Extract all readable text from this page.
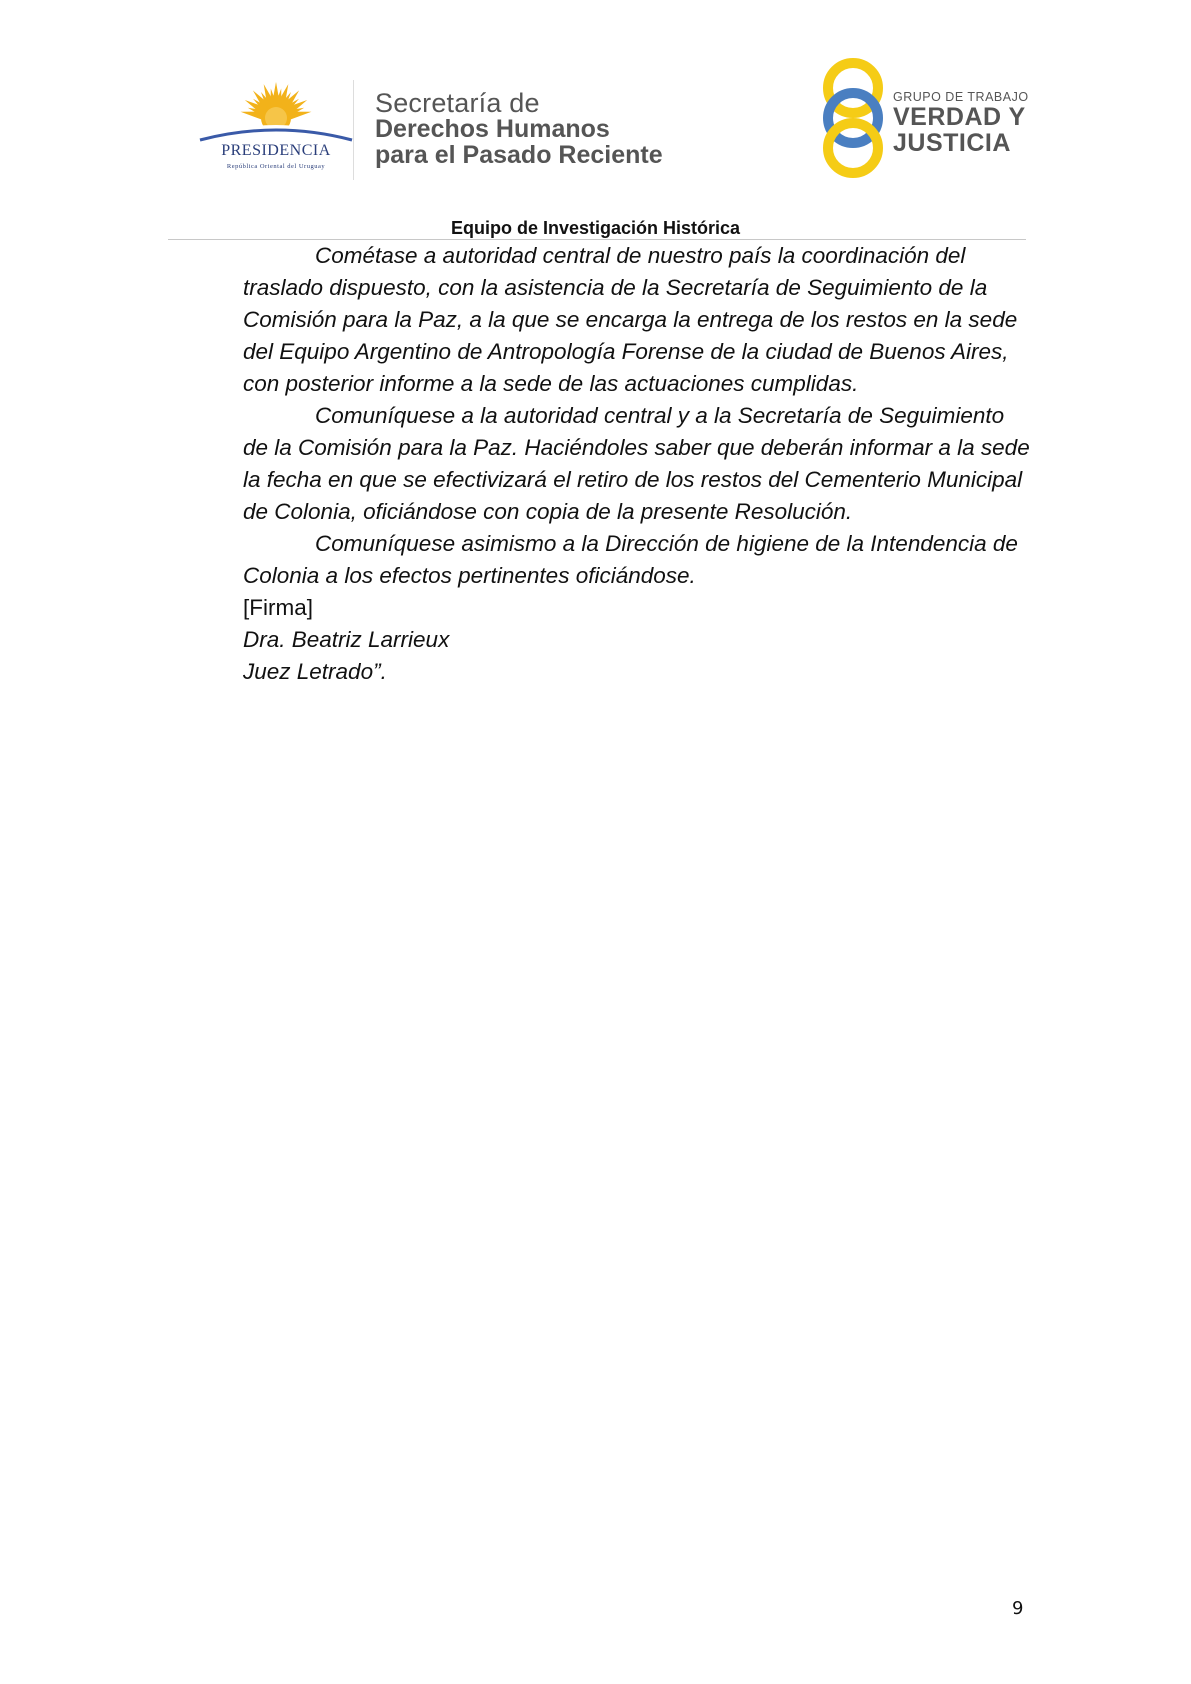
PRESIDENCIA
República Oriental del Uruguay
Secretaría de
Derechos Humanos
para el Pasado Reciente
GRUPO DE TRABAJO
VERDAD Y
JUSTICIA
Equipo de Investigación Histórica

Cométase a autoridad central de nuestro país la coordinación del traslado dispuesto, con la asistencia de la Secretaría de Seguimiento de la Comisión para la Paz, a la que se encarga la entrega de los restos en la sede del Equipo Argentino de Antropología Forense de la ciudad de Buenos Aires, con posterior informe a la sede de las actuaciones cumplidas.

Comuníquese a la autoridad central y a la Secretaría de Seguimiento de la Comisión para la Paz. Haciéndoles saber que deberán informar a la sede la fecha en que se efectivizará el retiro de los restos del Cementerio Municipal de Colonia, oficiándose con copia de la presente Resolución.

Comuníquese asimismo a la Dirección de higiene de la Intendencia de Colonia a los efectos pertinentes oficiándose.

[Firma]

Dra. Beatriz Larrieux

Juez Letrado”.

9
